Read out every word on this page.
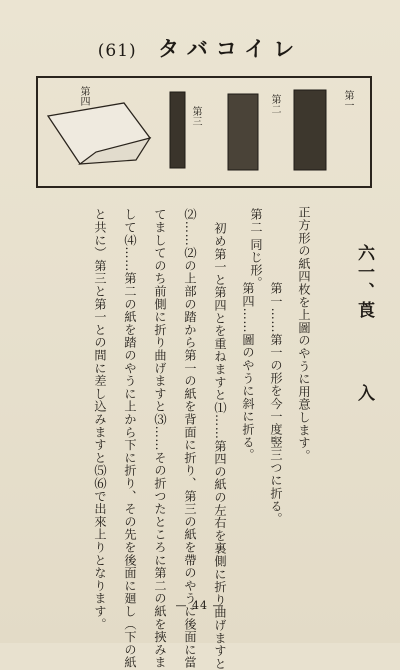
(61) タバコイレ
第四
第三
第二	第一
六一、莨入
正方形の紙四枚を上圖のやうに用意します。
第一……第一の形を今一度竪三つに折る。
第二 同じ形。
第四……圖のやうに斜に折る。
初め第一と第四とを重ねますと⑴……第四の紙の左右を裏側に折り曲げますと
⑵……⑵の上部の踏から第一の紙を背面に折り、第三の紙を帶のやうに後面に當
てましてのち前側に折り曲げますと⑶……その折つたところに第二の紙を挾みま
して⑷……第二の紙を踏のやうに上から下に折り、その先を後面に廻し（下の紙
と共に）第三と第一との間に差し込みますと⑸⑹で出來上りとなります。	— 44 —
